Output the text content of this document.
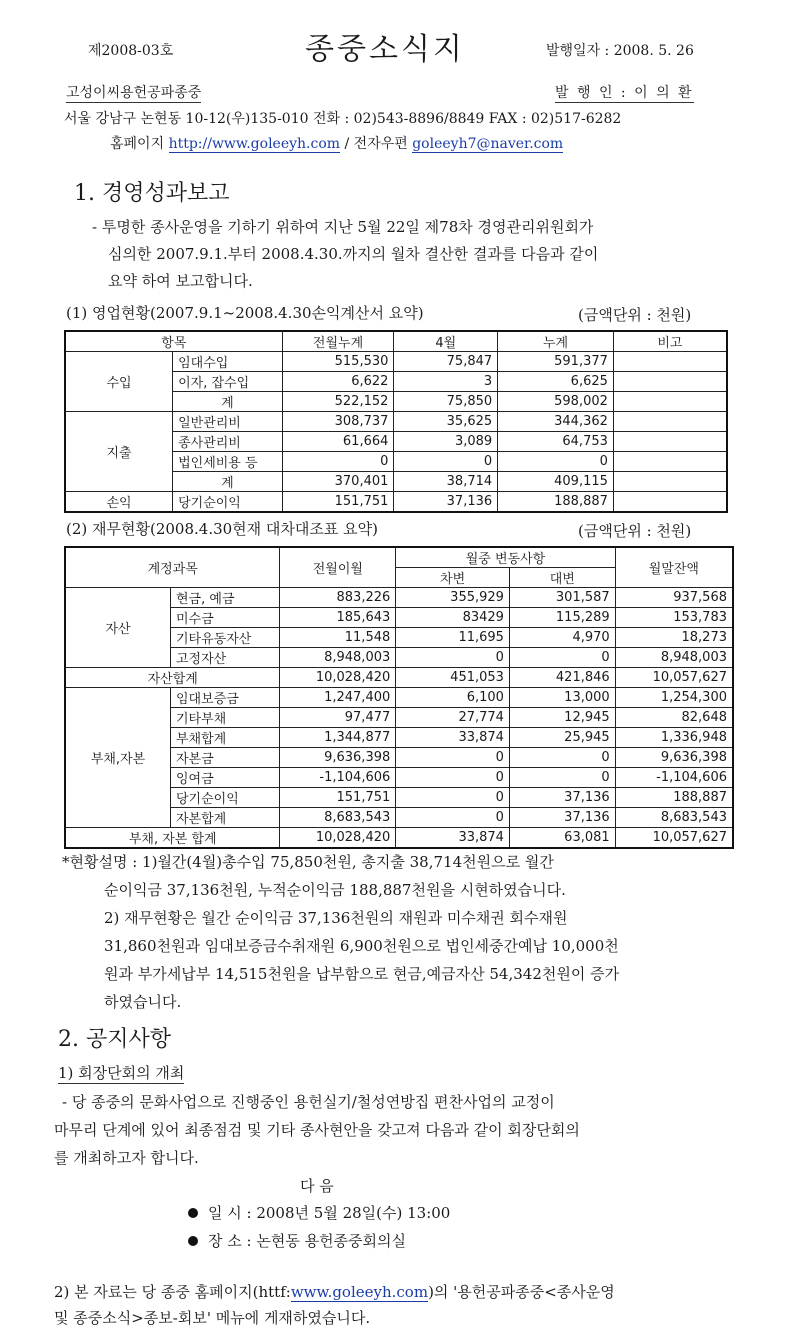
제2008-03호	종중소식지	발행일자 : 2008. 5. 26
고성이씨용헌공파종중	발 행 인 : 이 의 환
서울 강남구 논현동 10-12(우)135-010 전화 : 02)543-8896/8849 FAX : 02)517-6282
홈페이지 http://www.goleeyh.com / 전자우편 goleeyh7@naver.com
1. 경영성과보고
- 투명한 종사운영을 기하기 위하여 지난 5월 22일 제78차 경영관리위원회가
심의한 2007.9.1.부터 2008.4.30.까지의 월차 결산한 결과를 다음과 같이
요약 하여 보고합니다.
(1) 영업현황(2007.9.1~2008.4.30손익계산서 요약)	(금액단위 : 천원)
항목		전월누계	4월	누계	비고
수입	임대수입	515,530	75,847	591,377	
	이자, 잡수입	6,622	3	6,625	
	계	522,152	75,850	598,002	
지출	일반관리비	308,737	35,625	344,362	
	종사관리비	61,664	3,089	64,753	
	법인세비용 등	0	0	0	
	계	370,401	38,714	409,115	
손익	당기순이익	151,751	37,136	188,887	
(2) 재무현황(2008.4.30현재 대차대조표 요약)	(금액단위 : 천원)
계정과목		전월이월	월중 변동사항		월말잔액
			차변	대변	
자산	현금, 예금	883,226	355,929	301,587	937,568
	미수금	185,643	83429	115,289	153,783
	기타유동자산	11,548	11,695	4,970	18,273
	고정자산	8,948,003	0	0	8,948,003
자산합계		10,028,420	451,053	421,846	10,057,627
부채,자본	임대보증금	1,247,400	6,100	13,000	1,254,300
	기타부채	97,477	27,774	12,945	82,648
	부채합계	1,344,877	33,874	25,945	1,336,948
	자본금	9,636,398	0	0	9,636,398
	잉여금	-1,104,606	0	0	-1,104,606
	당기순이익	151,751	0	37,136	188,887
	자본합계	8,683,543	0	37,136	8,683,543
부채, 자본 합계		10,028,420	33,874	63,081	10,057,627
*현황설명 : 1)월간(4월)총수입 75,850천원, 총지출 38,714천원으로 월간
순이익금 37,136천원, 누적순이익금 188,887천원을 시현하였습니다.
2) 재무현황은 월간 순이익금 37,136천원의 재원과 미수채권 회수재원
31,860천원과 임대보증금수취재원 6,900천원으로 법인세중간예납 10,000천
원과 부가세납부 14,515천원을 납부함으로 현금,예금자산 54,342천원이 증가
하였습니다.
2. 공지사항
1) 회장단회의 개최
- 당 종중의 문화사업으로 진행중인 용헌실기/철성연방집 편찬사업의 교정이
마무리 단계에 있어 최종점검 및 기타 종사현안을 갖고져 다음과 같이 회장단회의
를 개최하고자 합니다.
다 음
일 시 : 2008년 5월 28일(수) 13:00
장 소 : 논현동 용헌종중회의실
2) 본 자료는 당 종중 홈페이지(httf:www.goleeyh.com)의 '용헌공파종중<종사운영
및 종중소식>종보-회보' 메뉴에 게재하였습니다.
